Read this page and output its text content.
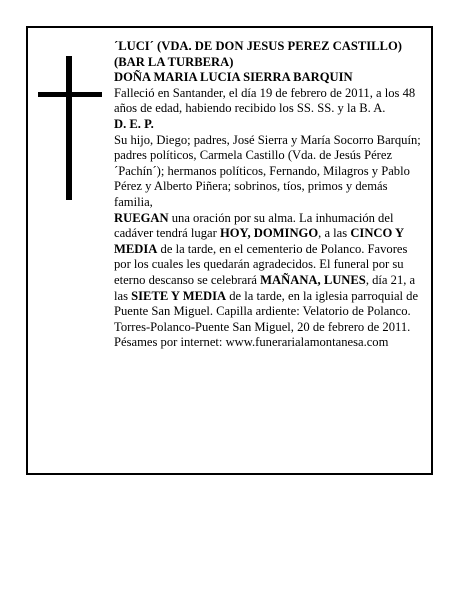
´LUCI´ (VDA. DE DON JESUS PEREZ CASTILLO) (BAR LA TURBERA)

DOÑA MARIA LUCIA SIERRA BARQUIN

Falleció en Santander, el día 19 de febrero de 2011, a los 48 años de edad, habiendo recibido los SS. SS. y la B. A.

D. E. P.

Su hijo, Diego; padres, José Sierra y María Socorro Barquín; padres políticos, Carmela Castillo (Vda. de Jesús Pérez ´Pachín´); hermanos políticos, Fernando, Milagros y Pablo Pérez y Alberto Piñera; sobrinos, tíos, primos y demás familia,

RUEGAN una oración por su alma. La inhumación del cadáver tendrá lugar HOY, DOMINGO, a las CINCO Y MEDIA de la tarde, en el cementerio de Polanco. Favores por los cuales les quedarán agradecidos. El funeral por su eterno descanso se celebrará MAÑANA, LUNES, día 21, a las SIETE Y MEDIA de la tarde, en la iglesia parroquial de Puente San Miguel. Capilla ardiente: Velatorio de Polanco.

Torres-Polanco-Puente San Miguel, 20 de febrero de 2011.

Pésames por internet: www.funerarialamontanesa.com
